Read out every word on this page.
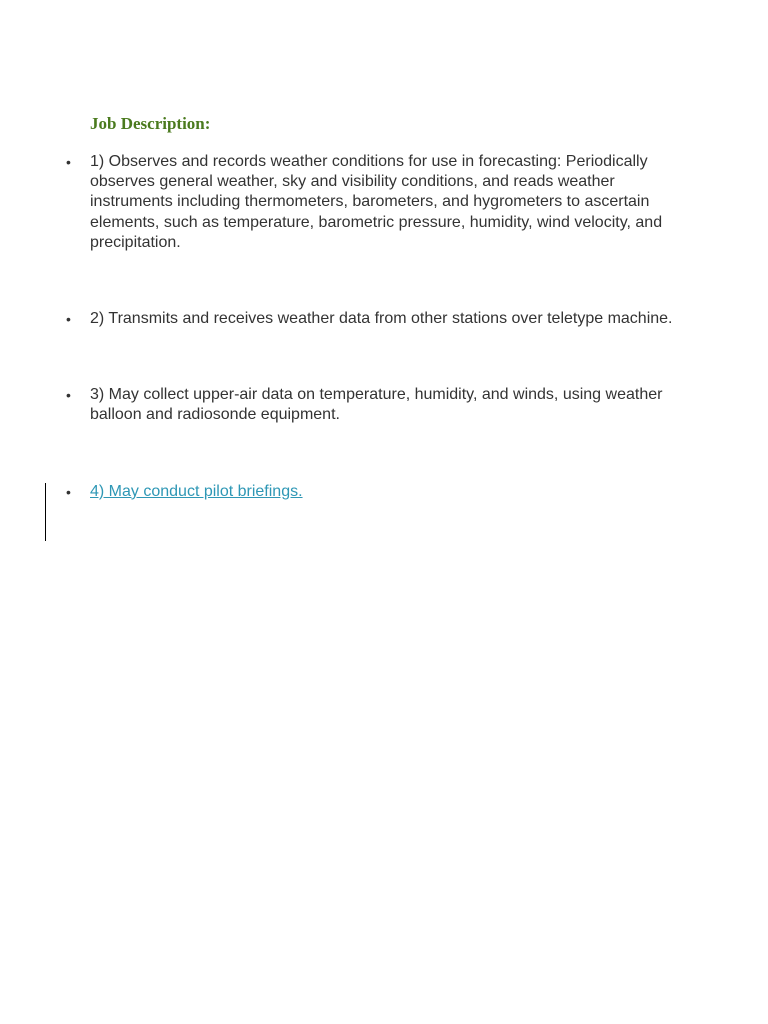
Job Description:
• 1) Observes and records weather conditions for use in forecasting: Periodically observes general weather, sky and visibility conditions, and reads weather instruments including thermometers, barometers, and hygrometers to ascertain elements, such as temperature, barometric pressure, humidity, wind velocity, and precipitation.
• 2) Transmits and receives weather data from other stations over teletype machine.
• 3) May collect upper-air data on temperature, humidity, and winds, using weather balloon and radiosonde equipment.
• 4) May conduct pilot briefings.
